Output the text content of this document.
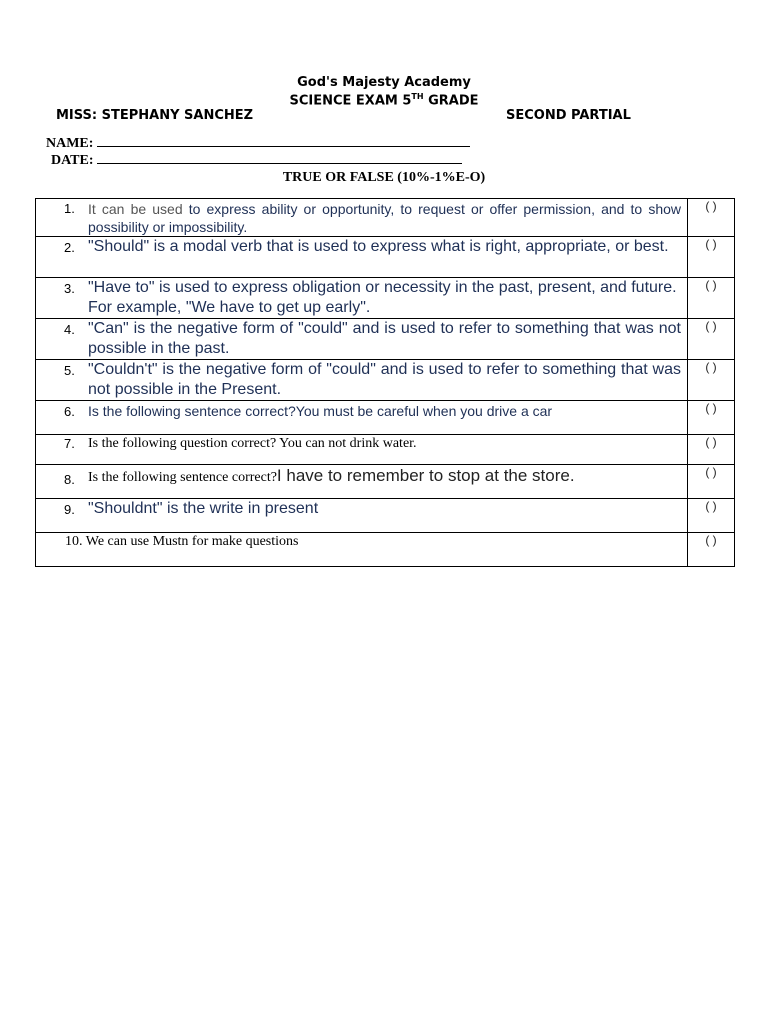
God's Majesty Academy
SCIENCE EXAM 5TH GRADE
MISS: STEPHANY SANCHEZ	SECOND PARTIAL
NAME:
DATE:
TRUE OR FALSE (10%-1%E-O)
1. It can be used to express ability or opportunity, to request or offer permission, and to show possibility or impossibility.	( )

2. "Should" is a modal verb that is used to express what is right, appropriate, or best.	( )

3. "Have to" is used to express obligation or necessity in the past, present, and future. For example, "We have to get up early".	( )

4. "Can" is the negative form of "could" and is used to refer to something that was not possible in the past.	( )

5. "Couldn't" is the negative form of "could" and is used to refer to something that was not possible in the Present.	( )

6. Is the following sentence correct?You must be careful when you drive a car	( )

7. Is the following question correct? You can not drink water.	( )

8. Is the following sentence correct?I have to remember to stop at the store.	( )

9. "Shouldnt" is the write in present	( )

10. We can use Mustn for make questions	( )
